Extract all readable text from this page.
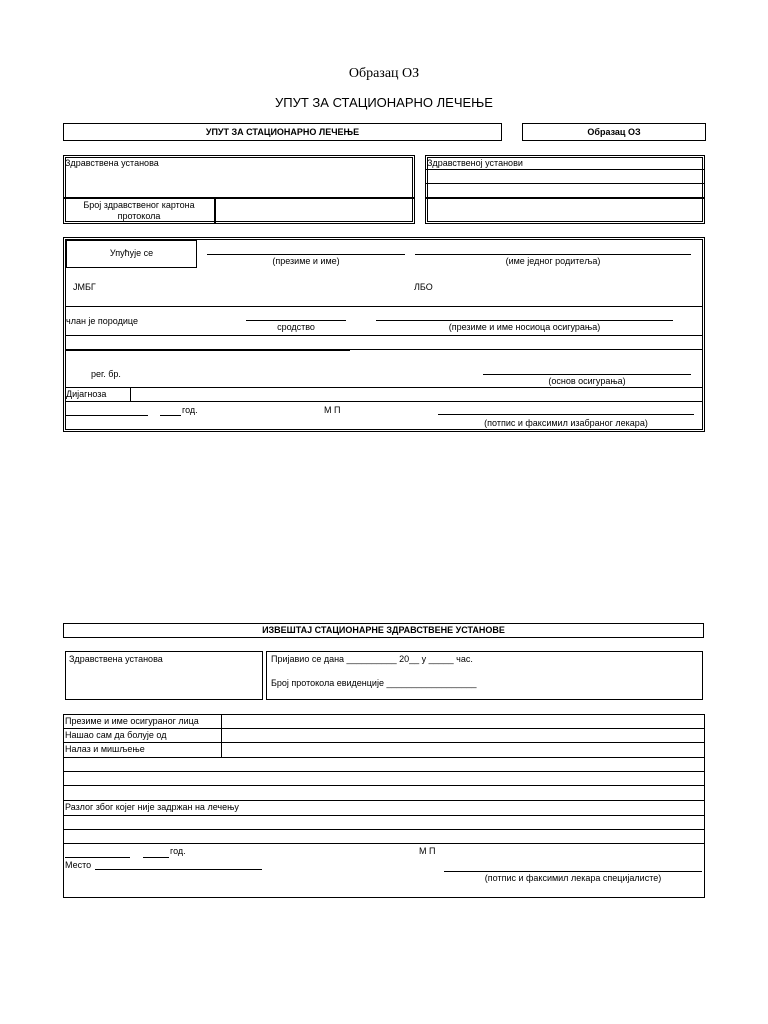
Образац ОЗ
УПУТ ЗА СТАЦИОНАРНО ЛЕЧЕЊЕ
УПУТ ЗА СТАЦИОНАРНО ЛЕЧЕЊЕ	Образац ОЗ
Здравствена установа
Број здравственог картона
протокола
Здравственој установи
Упућује се
(презиме и име)	(име једног родитеља)
ЈМБГ	ЛБО
члан је породице
сродство	(презиме и име носиоца осигурања)
рег. бр.
(основ осигурања)
Дијагноза
год.	М П
(потпис и факсимил изабраног лекара)
ИЗВЕШТАЈ СТАЦИОНАРНЕ ЗДРАВСТВЕНЕ УСТАНОВЕ
Здравствена установа	Пријавио се дана __________ 20__ у _____ час.
Број протокола евиденције __________________
Презиме и име осигураног лица
Нашао сам да болује од
Налаз и мишљење
Разлог због којег није задржан на лечењу
год.	М П
Место
(потпис и факсимил лекара специјалисте)
